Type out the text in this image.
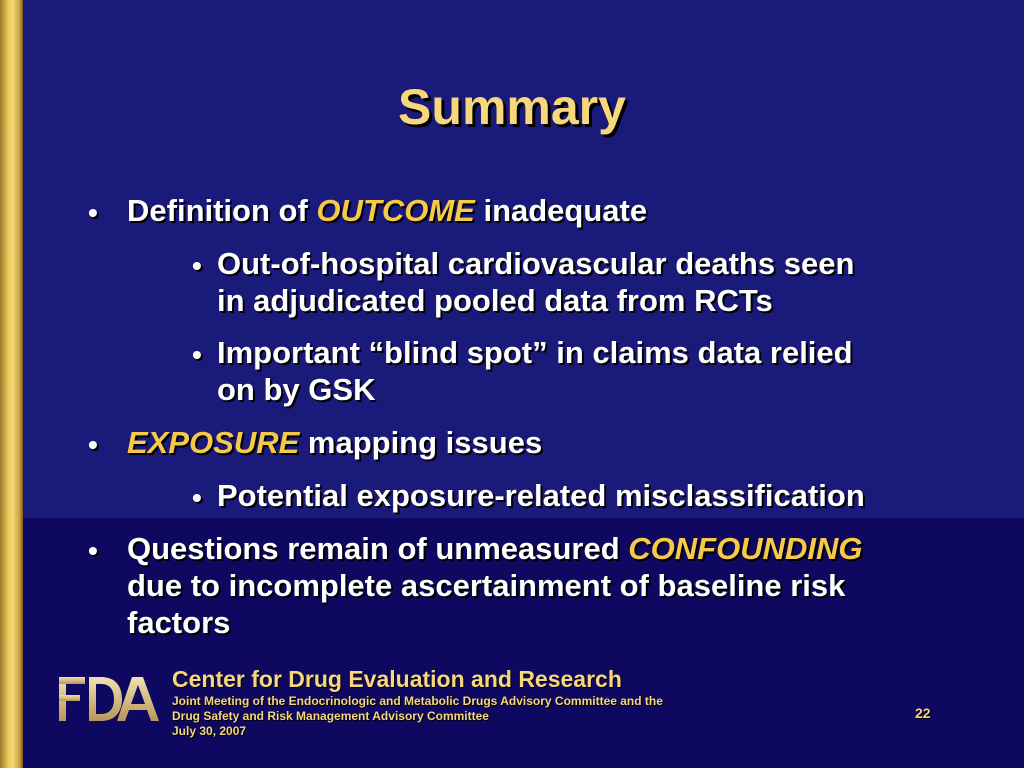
Summary
• Definition of OUTCOME inadequate
• Out-of-hospital cardiovascular deaths seen
in adjudicated pooled data from RCTs
• Important “blind spot” in claims data relied
on by GSK
• EXPOSURE mapping issues
• Potential exposure-related misclassification
• Questions remain of unmeasured CONFOUNDING
due to incomplete ascertainment of baseline risk
factors
Center for Drug Evaluation and Research
Joint Meeting of the Endocrinologic and Metabolic Drugs Advisory Committee and the
Drug Safety and Risk Management Advisory Committee
July 30, 2007
22
